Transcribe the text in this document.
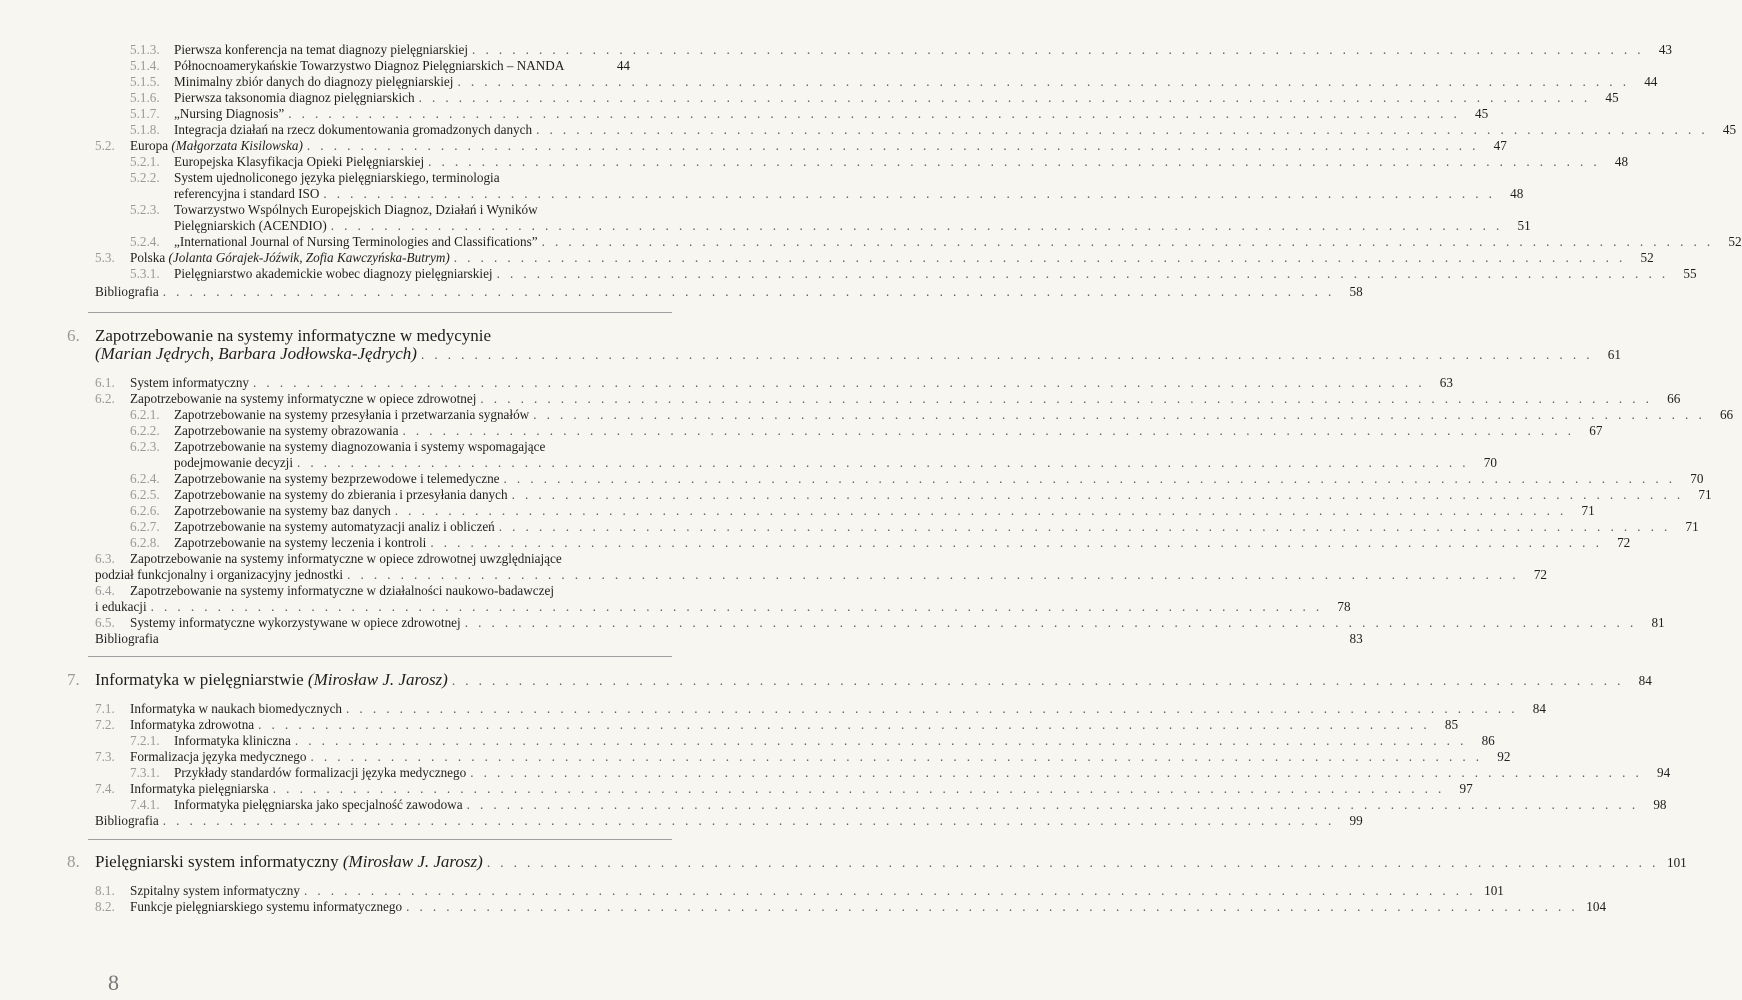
5.1.3.	Pierwsza konferencja na temat diagnozy pielęgniarskiej . . .	43
5.1.4.	Północnoamerykańskie Towarzystwo Diagnoz Pielęgniarskich – NANDA	44
5.1.5.	Minimalny zbiór danych do diagnozy pielęgniarskiej . . .	44
5.1.6.	Pierwsza taksonomia diagnoz pielęgniarskich . . .	45
5.1.7.	„Nursing Diagnosis” . . .	45
5.1.8.	Integracja działań na rzecz dokumentowania gromadzonych danych . . .	45
5.2.	Europa (Małgorzata Kisilowska) . . .	47
5.2.1.	Europejska Klasyfikacja Opieki Pielęgniarskiej . . .	48
5.2.2.	System ujednoliconego języka pielęgniarskiego, terminologia
referencyjna i standard ISO . . .	48
5.2.3.	Towarzystwo Wspólnych Europejskich Diagnoz, Działań i Wyników
Pielęgniarskich (ACENDIO) . . .	51
5.2.4.	„International Journal of Nursing Terminologies and Classifications” . . .	52
5.3.	Polska (Jolanta Górajek-Jóźwik, Zofia Kawczyńska-Butrym) . . .	52
5.3.1.	Pielęgniarstwo akademickie wobec diagnozy pielęgniarskiej . . .	55
Bibliografia . . .	58
6. Zapotrzebowanie na systemy informatyczne w medycynie
(Marian Jędrych, Barbara Jodłowska-Jędrych) . . .	61
6.1.	System informatyczny . . .	63
6.2.	Zapotrzebowanie na systemy informatyczne w opiece zdrowotnej . . .	66
6.2.1.	Zapotrzebowanie na systemy przesyłania i przetwarzania sygnałów . . .	66
6.2.2.	Zapotrzebowanie na systemy obrazowania . . .	67
6.2.3.	Zapotrzebowanie na systemy diagnozowania i systemy wspomagające
podejmowanie decyzji . . .	70
6.2.4.	Zapotrzebowanie na systemy bezprzewodowe i telemedyczne . . .	70
6.2.5.	Zapotrzebowanie na systemy do zbierania i przesyłania danych . . .	71
6.2.6.	Zapotrzebowanie na systemy baz danych . . .	71
6.2.7.	Zapotrzebowanie na systemy automatyzacji analiz i obliczeń . . .	71
6.2.8.	Zapotrzebowanie na systemy leczenia i kontroli . . .	72
6.3.	Zapotrzebowanie na systemy informatyczne w opiece zdrowotnej uwzględniające
podział funkcjonalny i organizacyjny jednostki . . .	72
6.4.	Zapotrzebowanie na systemy informatyczne w działalności naukowo-badawczej
i edukacji . . .	78
6.5.	Systemy informatyczne wykorzystywane w opiece zdrowotnej . . .	81
Bibliografia	83
7. Informatyka w pielęgniarstwie (Mirosław J. Jarosz) . . .	84
7.1.	Informatyka w naukach biomedycznych . . .	84
7.2.	Informatyka zdrowotna . . .	85
7.2.1.	Informatyka kliniczna . . .	86
7.3.	Formalizacja języka medycznego . . .	92
7.3.1.	Przykłady standardów formalizacji języka medycznego . . .	94
7.4.	Informatyka pielęgniarska . . .	97
7.4.1.	Informatyka pielęgniarska jako specjalność zawodowa . . .	98
Bibliografia . . .	99
8. Pielęgniarski system informatyczny (Mirosław J. Jarosz) . . .	101
8.1.	Szpitalny system informatyczny . . .	101
8.2.	Funkcje pielęgniarskiego systemu informatycznego . . .	104
8
